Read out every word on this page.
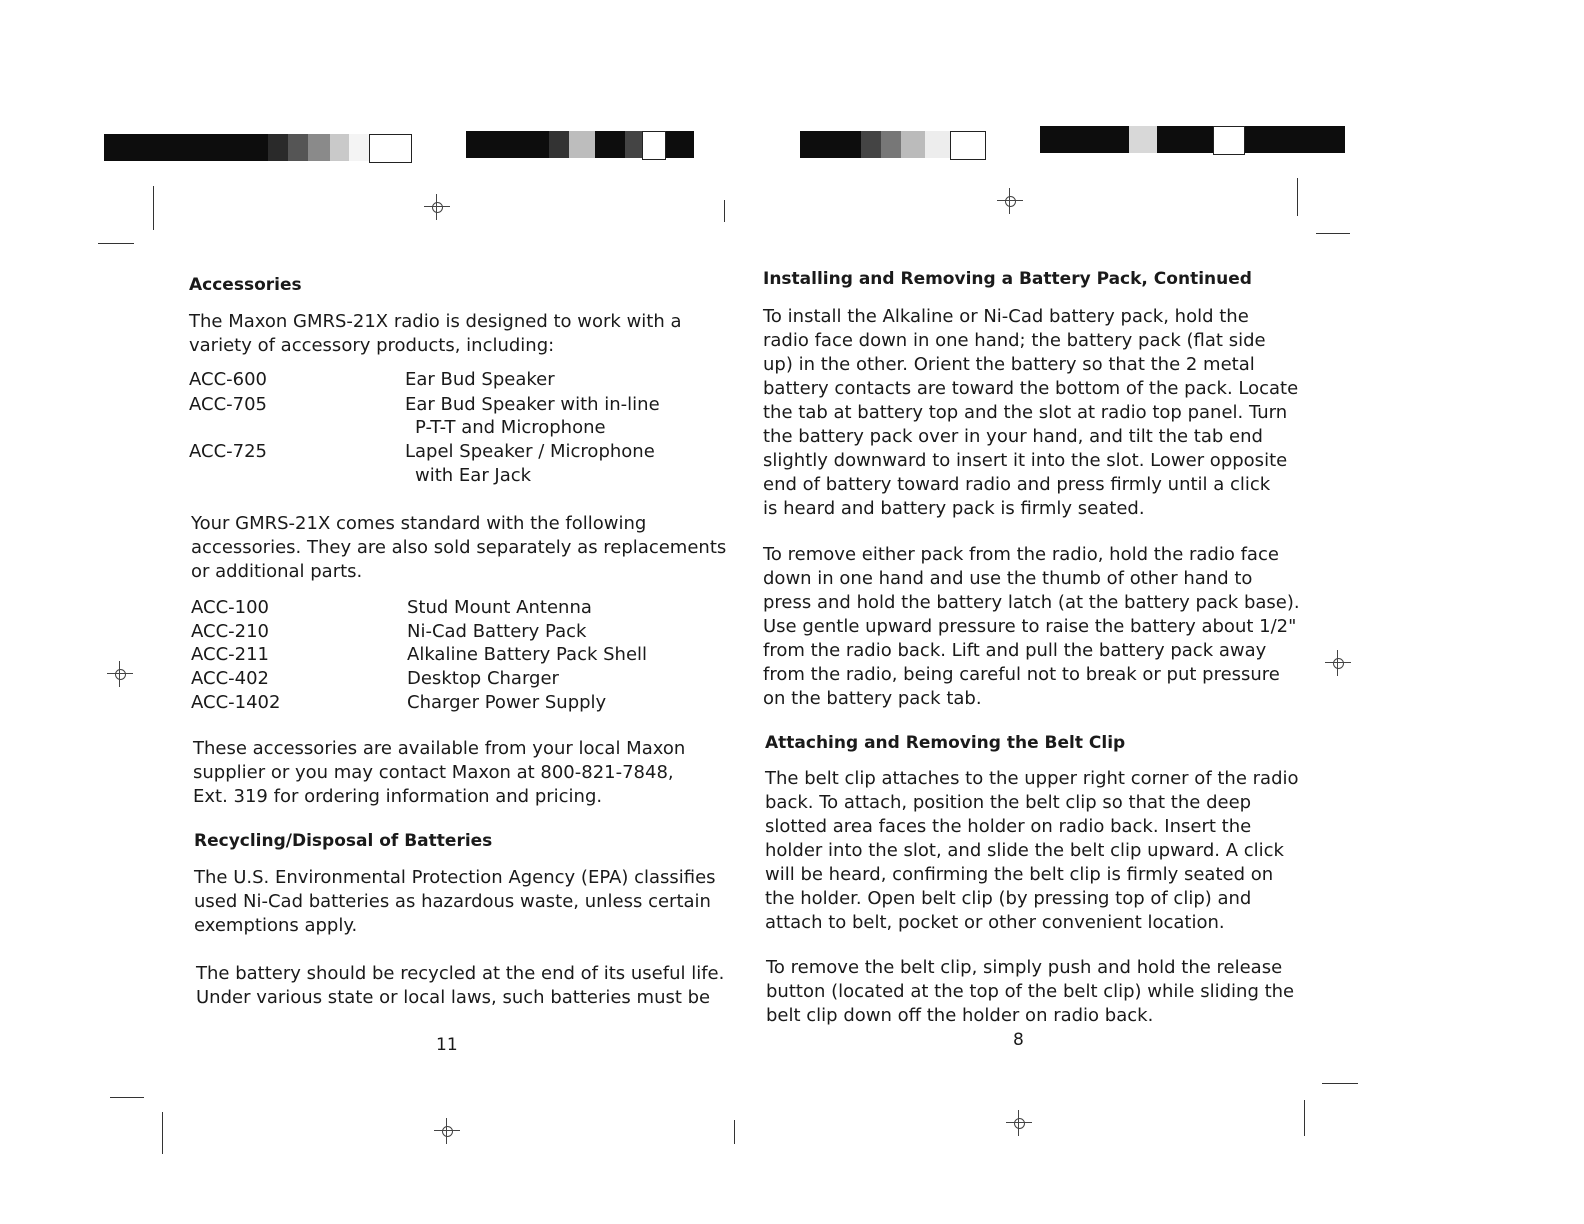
Accessories
The Maxon GMRS-21X radio is designed to work with a
variety of accessory products, including:
ACC-600	Ear Bud Speaker
ACC-705	Ear Bud Speaker with in-line
P-T-T and Microphone
ACC-725	Lapel Speaker / Microphone
with Ear Jack
Your GMRS-21X comes standard with the following
accessories. They are also sold separately as replacements
or additional parts.
ACC-100	Stud Mount Antenna
ACC-210	Ni-Cad Battery Pack
ACC-211	Alkaline Battery Pack Shell
ACC-402	Desktop Charger
ACC-1402	Charger Power Supply
These accessories are available from your local Maxon
supplier or you may contact Maxon at 800-821-7848,
Ext. 319 for ordering information and pricing.
Recycling/Disposal of Batteries
The U.S. Environmental Protection Agency (EPA) classifies
used Ni-Cad batteries as hazardous waste, unless certain
exemptions apply.
The battery should be recycled at the end of its useful life.
Under various state or local laws, such batteries must be
11
Installing and Removing a Battery Pack, Continued
To install the Alkaline or Ni-Cad battery pack, hold the
radio face down in one hand; the battery pack (flat side
up) in the other. Orient the battery so that the 2 metal
battery contacts are toward the bottom of the pack. Locate
the tab at battery top and the slot at radio top panel. Turn
the battery pack over in your hand, and tilt the tab end
slightly downward to insert it into the slot. Lower opposite
end of battery toward radio and press firmly until a click
is heard and battery pack is firmly seated.
To remove either pack from the radio, hold the radio face
down in one hand and use the thumb of other hand to
press and hold the battery latch (at the battery pack base).
Use gentle upward pressure to raise the battery about 1/2"
from the radio back. Lift and pull the battery pack away
from the radio, being careful not to break or put pressure
on the battery pack tab.
Attaching and Removing the Belt Clip
The belt clip attaches to the upper right corner of the radio
back. To attach, position the belt clip so that the deep
slotted area faces the holder on radio back. Insert the
holder into the slot, and slide the belt clip upward. A click
will be heard, confirming the belt clip is firmly seated on
the holder. Open belt clip (by pressing top of clip) and
attach to belt, pocket or other convenient location.
To remove the belt clip, simply push and hold the release
button (located at the top of the belt clip) while sliding the
belt clip down off the holder on radio back.
8
